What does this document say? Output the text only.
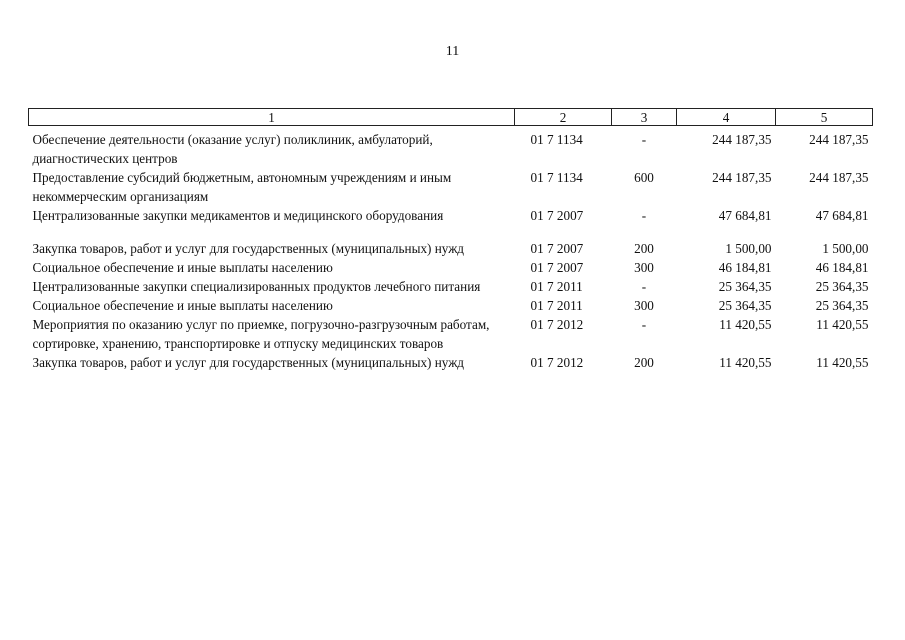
11
1	2	3	4	5

Обеспечение деятельности (оказание услуг) поликлиник, амбулаторий, диагностических центров	01 7 1134	-	244 187,35	244 187,35
Предоставление субсидий бюджетным, автономным учреждениям и иным некоммерческим организациям	01 7 1134	600	244 187,35	244 187,35
Централизованные закупки медикаментов и медицинского оборудования	01 7 2007	-	47 684,81	47 684,81

Закупка товаров, работ и услуг для государственных (муниципальных) нужд	01 7 2007	200	1 500,00	1 500,00
Социальное обеспечение и иные выплаты населению	01 7 2007	300	46 184,81	46 184,81
Централизованные закупки специализированных продуктов лечебного питания	01 7 2011	-	25 364,35	25 364,35
Социальное обеспечение и иные выплаты населению	01 7 2011	300	25 364,35	25 364,35
Мероприятия по оказанию услуг по приемке, погрузочно-разгрузочным работам, сортировке, хранению, транспортировке и отпуску медицинских товаров	01 7 2012	-	11 420,55	11 420,55
Закупка товаров, работ и услуг для государственных (муниципальных) нужд	01 7 2012	200	11 420,55	11 420,55
